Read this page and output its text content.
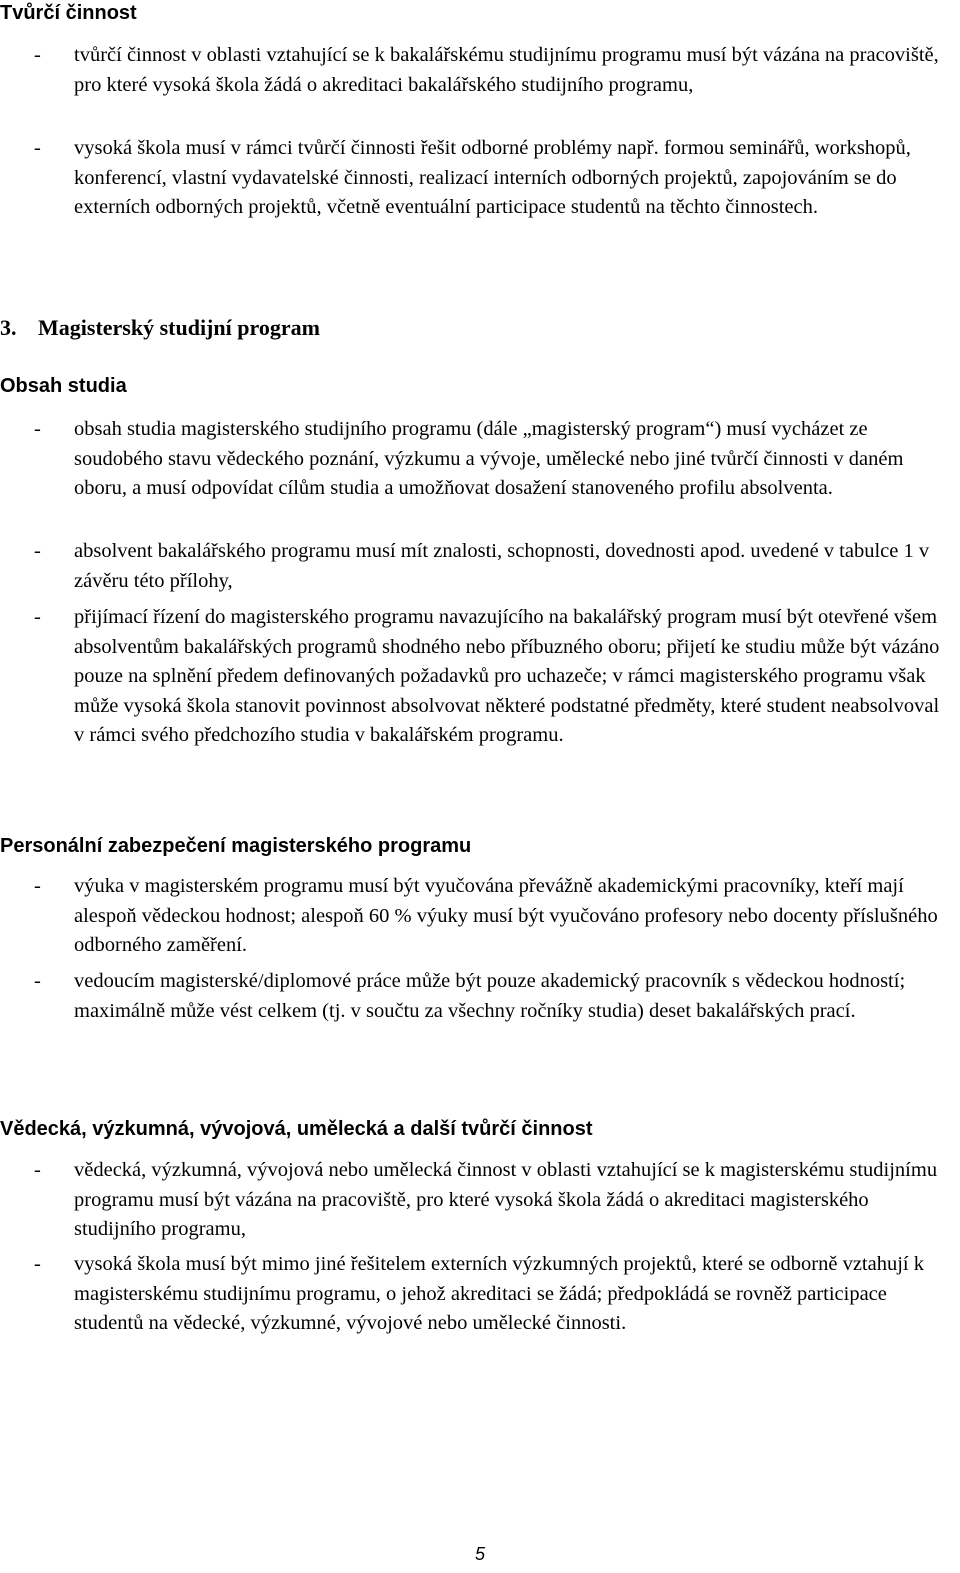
Tvůrčí činnost
- tvůrčí činnost v oblasti vztahující se k bakalářskému studijnímu programu musí být vázána na pracoviště, pro které vysoká škola žádá o akreditaci bakalářského studijního programu,
- vysoká škola musí v rámci tvůrčí činnosti řešit odborné problémy např. formou seminářů, workshopů, konferencí, vlastní vydavatelské činnosti, realizací interních odborných projektů, zapojováním se do externích odborných projektů, včetně eventuální participace studentů na těchto činnostech.
3. Magisterský studijní program
Obsah studia
- obsah studia magisterského studijního programu (dále „magisterský program“) musí vycházet ze soudobého stavu vědeckého poznání, výzkumu a vývoje, umělecké nebo jiné tvůrčí činnosti v daném oboru, a musí odpovídat cílům studia a umožňovat dosažení stanoveného profilu absolventa.
- absolvent bakalářského programu musí mít znalosti, schopnosti, dovednosti apod. uvedené v tabulce 1 v závěru této přílohy,
- přijímací řízení do magisterského programu navazujícího na bakalářský program musí být otevřené všem absolventům bakalářských programů shodného nebo příbuzného oboru; přijetí ke studiu může být vázáno pouze na splnění předem definovaných požadavků pro uchazeče; v rámci magisterského programu však může vysoká škola stanovit povinnost absolvovat některé podstatné předměty, které student neabsolvoval v rámci svého předchozího studia v bakalářském programu.
Personální zabezpečení magisterského programu
- výuka v magisterském programu musí být vyučována převážně akademickými pracovníky, kteří mají alespoň vědeckou hodnost; alespoň 60 % výuky musí být vyučováno profesory nebo docenty příslušného odborného zaměření.
- vedoucím magisterské/diplomové práce může být pouze akademický pracovník s vědeckou hodností; maximálně může vést celkem (tj. v součtu za všechny ročníky studia) deset bakalářských prací.
Vědecká, výzkumná, vývojová, umělecká a další tvůrčí činnost
- vědecká, výzkumná, vývojová nebo umělecká činnost v oblasti vztahující se k magisterskému studijnímu programu musí být vázána na pracoviště, pro které vysoká škola žádá o akreditaci magisterského studijního programu,
- vysoká škola musí být mimo jiné řešitelem externích výzkumných projektů, které se odborně vztahují k magisterskému studijnímu programu, o jehož akreditaci se žádá; předpokládá se rovněž participace studentů na vědecké, výzkumné, vývojové nebo umělecké činnosti.
5
